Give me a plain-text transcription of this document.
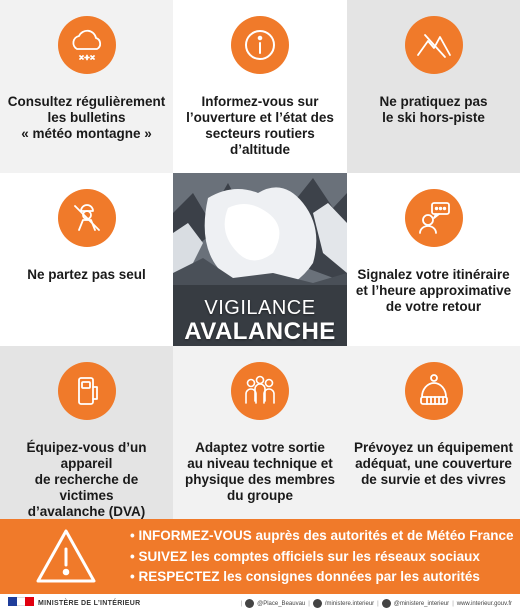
Consultez régulièrement
les bulletins
« météo montagne »
Informez-vous sur
l’ouverture et l’état des
secteurs routiers d’altitude
Ne pratiquez pas
le ski hors-piste
Ne partez pas seul
VIGILANCE
AVALANCHE
Signalez votre itinéraire
et l’heure approximative
de votre retour
Équipez-vous d’un appareil
de recherche de victimes
d’avalanche (DVA)
Adaptez votre sortie
au niveau technique et
physique des membres
du groupe
Prévoyez un équipement
adéquat, une couverture
de survie et des vivres
• INFORMEZ-VOUS auprès des autorités et de Météo France
• SUIVEZ les comptes officiels sur les réseaux sociaux
• RESPECTEZ les consignes données par les autorités
MINISTÈRE DE L’INTÉRIEUR	|	@Place_Beauvau |	/ministere.interieur |	@ministere_interieur | www.interieur.gouv.fr
